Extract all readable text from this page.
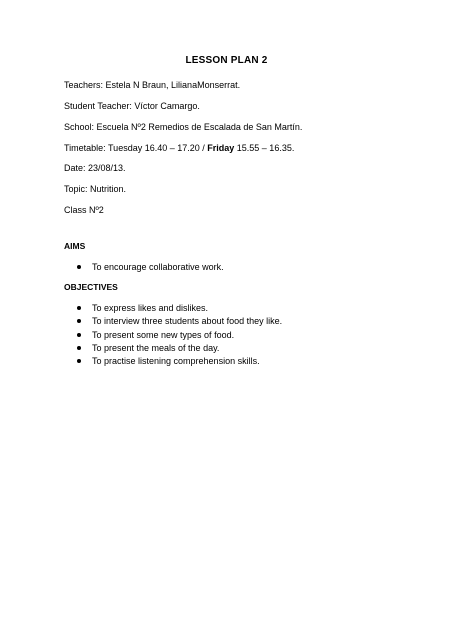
LESSON PLAN 2
Teachers: Estela N Braun, LilianaMonserrat.
Student Teacher: Víctor Camargo.
School: Escuela Nº2 Remedios de Escalada de San Martín.
Timetable: Tuesday 16.40 – 17.20 / Friday 15.55 – 16.35.
Date: 23/08/13.
Topic: Nutrition.
Class Nº2
AIMS
To encourage collaborative work.
OBJECTIVES
To express likes and dislikes.
To interview three students about food they like.
To present some new types of food.
To present the meals of the day.
To practise listening comprehension skills.
